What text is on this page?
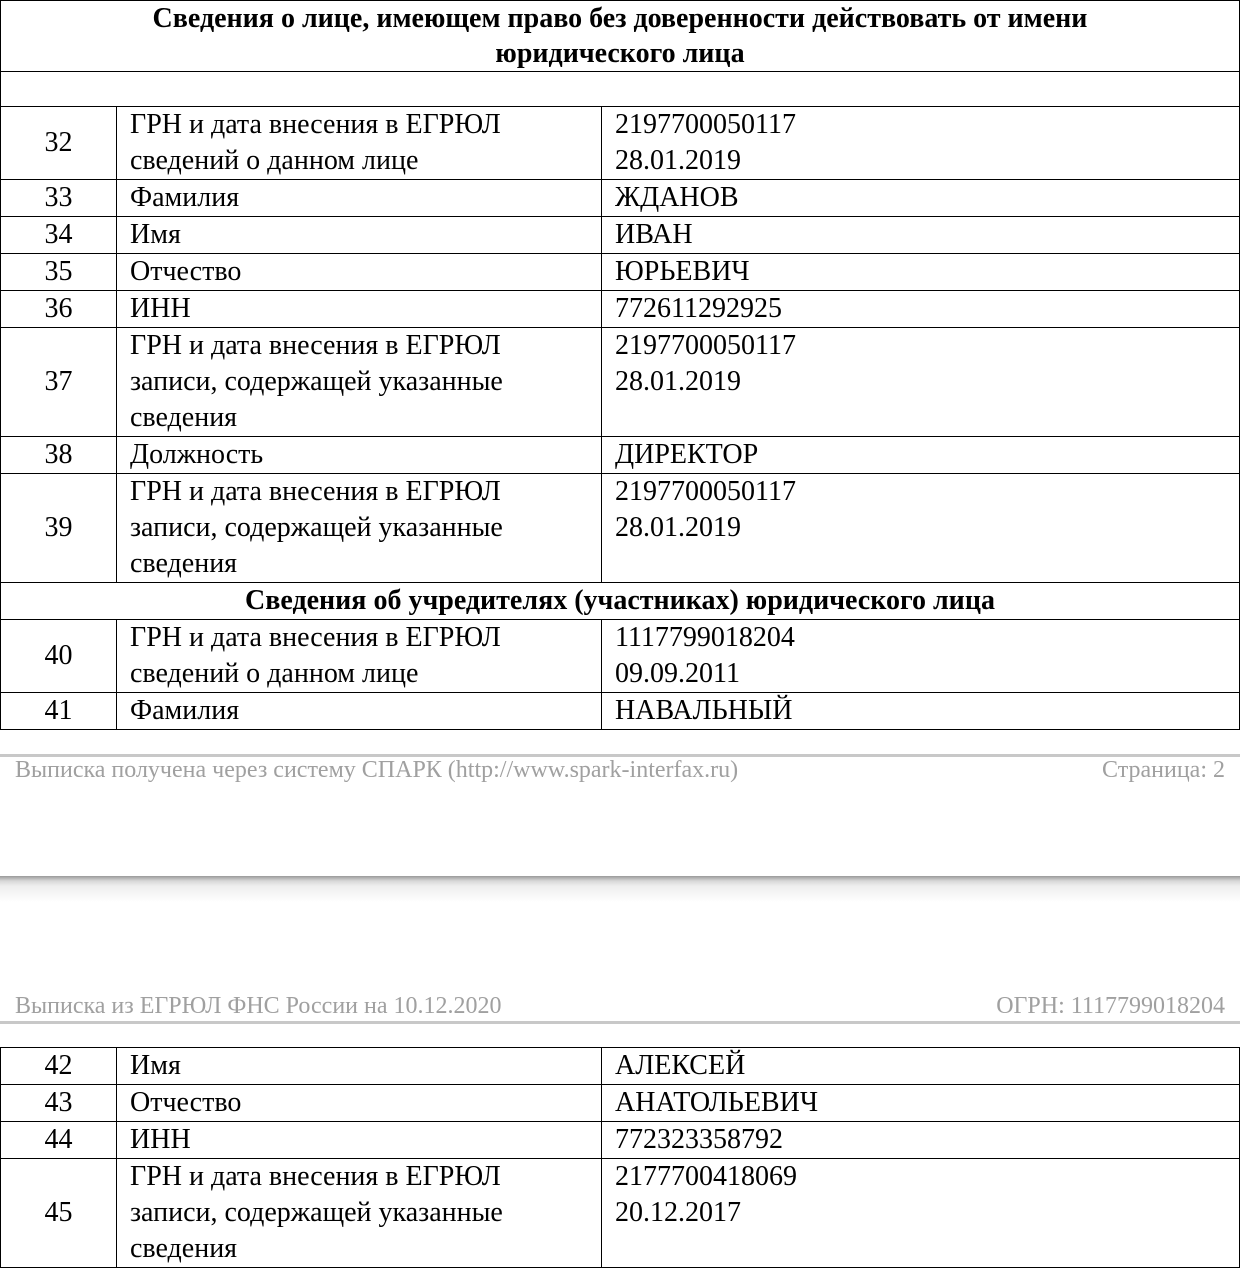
Сведения о лице, имеющем право без доверенности действовать от имени
юридического лица		

32	ГРН и дата внесения в ЕГРЮЛ
сведений о данном лице	2197700050117
28.01.2019

33	Фамилия	ЖДАНОВ

34	Имя	ИВАН

35	Отчество	ЮРЬЕВИЧ

36	ИНН	772611292925

37	ГРН и дата внесения в ЕГРЮЛ
записи, содержащей указанные
сведения	2197700050117
28.01.2019

38	Должность	ДИРЕКТОР

39	ГРН и дата внесения в ЕГРЮЛ
записи, содержащей указанные
сведения	2197700050117
28.01.2019

Сведения об учредителях (участниках) юридического лица		
40	ГРН и дата внесения в ЕГРЮЛ
сведений о данном лице	1117799018204
09.09.2011

41	Фамилия	НАВАЛЬНЫЙ
Выписка получена через систему СПАРК (http://www.spark-interfax.ru)	Страница: 2
Выписка из ЕГРЮЛ ФНС России на 10.12.2020	ОГРН: 1117799018204
42	Имя	АЛЕКСЕЙ

43	Отчество	АНАТОЛЬЕВИЧ

44	ИНН	772323358792

45	ГРН и дата внесения в ЕГРЮЛ
записи, содержащей указанные
сведения	2177700418069
20.12.2017
